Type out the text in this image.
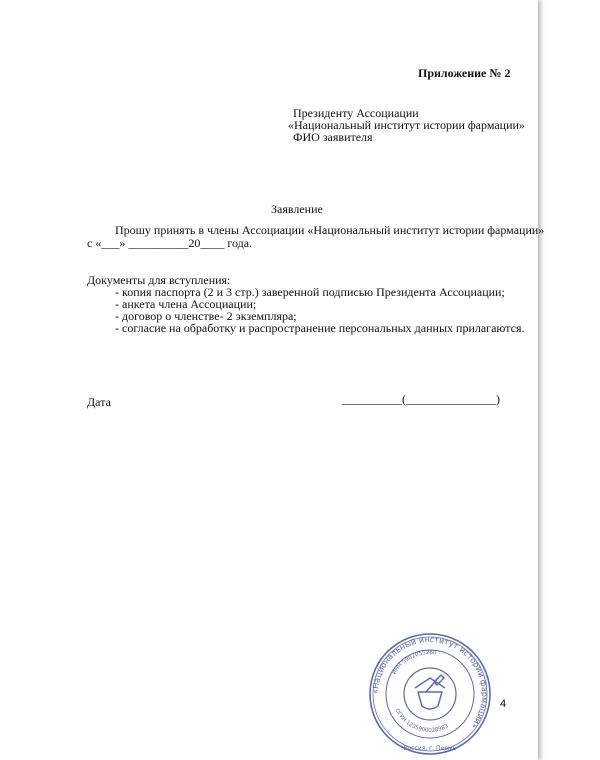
Приложение № 2

Президенту Ассоциации

«Национальный институт истории фармации»

ФИО заявителя

Заявление

Прошу принять в члены Ассоциации «Национальный институт истории фармации»

с «___» __________20____ года.

Документы для вступления:

- копия паспорта (2 и 3 стр.) заверенной подписью Президента Ассоциации;

- анкета члена Ассоциации;

- договор о членстве- 2 экземпляра;

- согласие на обработку и распространение персональных данных прилагаются.

Дата	__________(_______________)

4

«Национальный институт истории фармации»
ИНН 5902055260
ОГРН 1235900028983
Россия, г. Пермь
